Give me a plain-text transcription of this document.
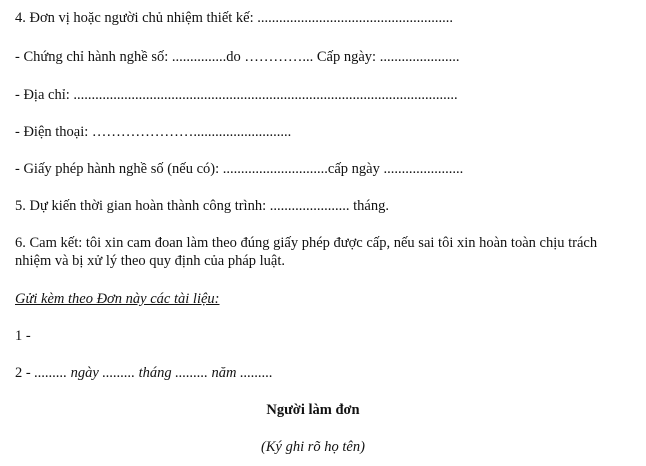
4. Đơn vị hoặc người chủ nhiệm thiết kế: ......................................................
- Chứng chỉ hành nghề số: ...............do …………... Cấp ngày: ......................
- Địa chỉ: ..........................................................................................................
- Điện thoại: …………………...........................
- Giấy phép hành nghề số (nếu có): .............................cấp ngày ......................
5. Dự kiến thời gian hoàn thành công trình: ...................... tháng.
6. Cam kết: tôi xin cam đoan làm theo đúng giấy phép được cấp, nếu sai tôi xin hoàn toàn chịu trách nhiệm và bị xử lý theo quy định của pháp luật.
Gửi kèm theo Đơn này các tài liệu:
1 -
2 - ......... ngày ......... tháng ......... năm .........
Người làm đơn
(Ký ghi rõ họ tên)
